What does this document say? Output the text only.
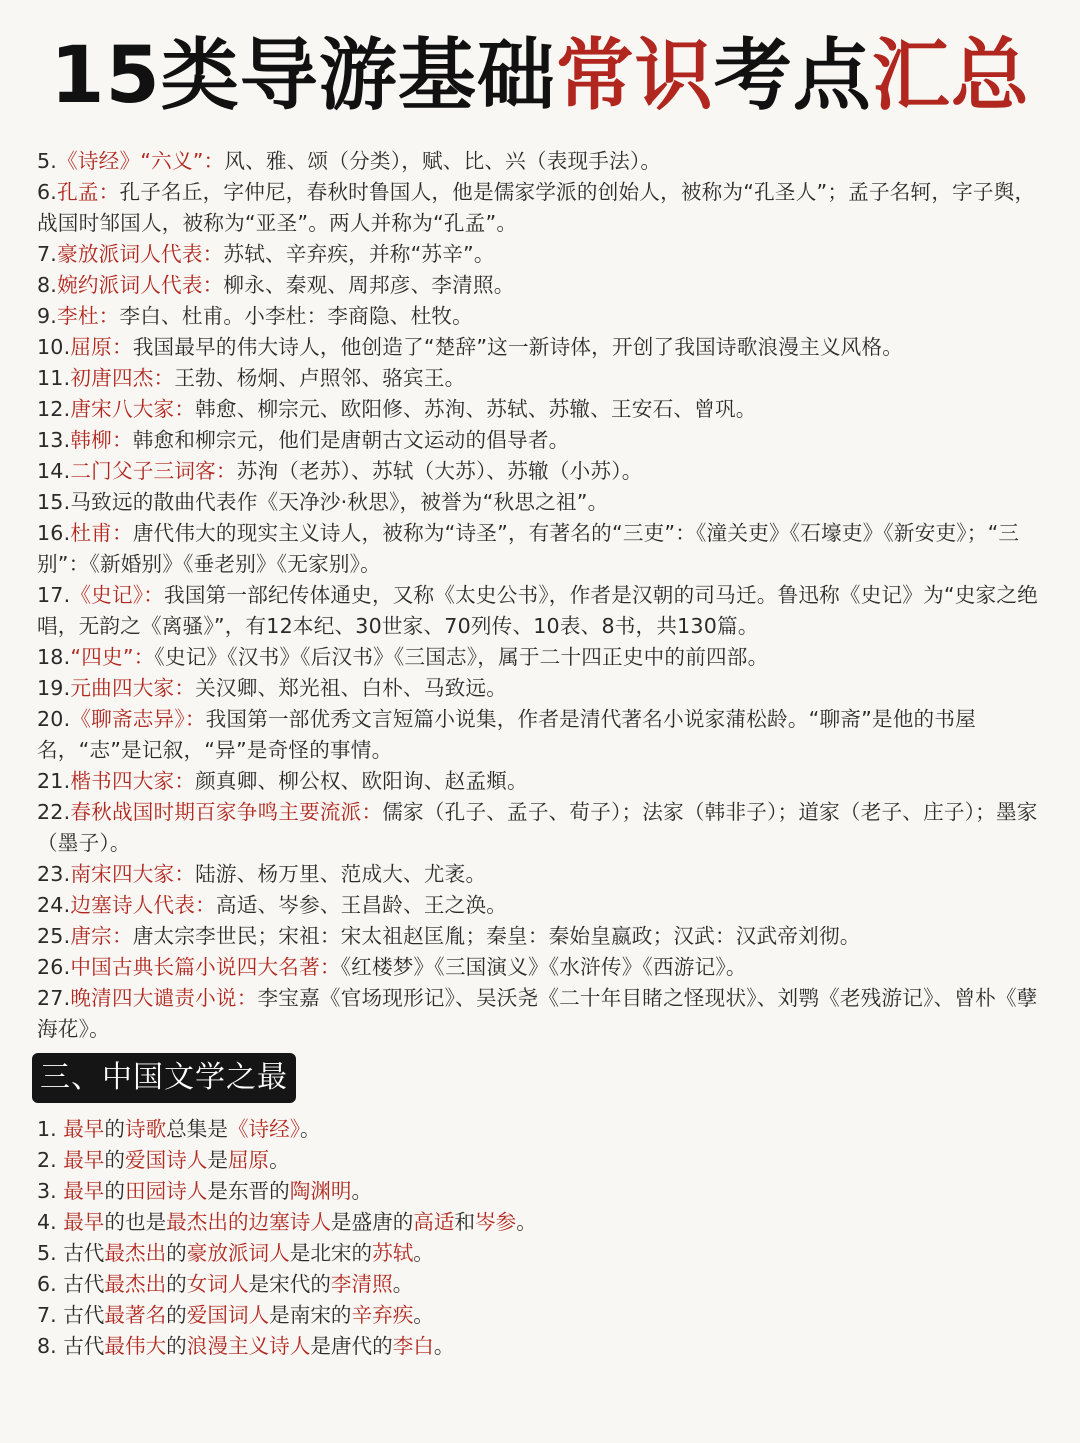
15类导游基础常识考点汇总

5.《诗经》“六义”：风、雅、颂（分类），赋、比、兴（表现手法）。

6.孔孟：孔子名丘，字仲尼，春秋时鲁国人，他是儒家学派的创始人，被称为“孔圣人”；孟子名轲，字子舆，战国时邹国人，被称为“亚圣”。两人并称为“孔孟”。

7.豪放派词人代表：苏轼、辛弃疾，并称“苏辛”。

8.婉约派词人代表：柳永、秦观、周邦彦、李清照。

9.李杜：李白、杜甫。小李杜：李商隐、杜牧。

10.屈原：我国最早的伟大诗人，他创造了“楚辞”这一新诗体，开创了我国诗歌浪漫主义风格。

11.初唐四杰：王勃、杨炯、卢照邻、骆宾王。

12.唐宋八大家：韩愈、柳宗元、欧阳修、苏洵、苏轼、苏辙、王安石、曾巩。

13.韩柳：韩愈和柳宗元，他们是唐朝古文运动的倡导者。

14.二门父子三词客：苏洵（老苏）、苏轼（大苏）、苏辙（小苏）。

15.马致远的散曲代表作《天净沙·秋思》，被誉为“秋思之祖”。

16.杜甫：唐代伟大的现实主义诗人，被称为“诗圣”，有著名的“三吏”：《潼关吏》《石壕吏》《新安吏》；“三别”：《新婚别》《垂老别》《无家别》。

17.《史记》：我国第一部纪传体通史，又称《太史公书》，作者是汉朝的司马迁。鲁迅称《史记》为“史家之绝唱，无韵之《离骚》”，有12本纪、30世家、70列传、10表、8书，共130篇。

18.“四史”：《史记》《汉书》《后汉书》《三国志》，属于二十四正史中的前四部。

19.元曲四大家：关汉卿、郑光祖、白朴、马致远。

20.《聊斋志异》：我国第一部优秀文言短篇小说集，作者是清代著名小说家蒲松龄。“聊斋”是他的书屋名，“志”是记叙，“异”是奇怪的事情。

21.楷书四大家：颜真卿、柳公权、欧阳询、赵孟頫。

22.春秋战国时期百家争鸣主要流派：儒家（孔子、孟子、荀子）；法家（韩非子）；道家（老子、庄子）；墨家（墨子）。

23.南宋四大家：陆游、杨万里、范成大、尤袤。

24.边塞诗人代表：高适、岑参、王昌龄、王之涣。

25.唐宗：唐太宗李世民；宋祖：宋太祖赵匡胤；秦皇：秦始皇嬴政；汉武：汉武帝刘彻。

26.中国古典长篇小说四大名著：《红楼梦》《三国演义》《水浒传》《西游记》。

27.晚清四大谴责小说：李宝嘉《官场现形记》、吴沃尧《二十年目睹之怪现状》、刘鹗《老残游记》、曾朴《孽海花》。

三、中国文学之最

1. 最早的诗歌总集是《诗经》。

2. 最早的爱国诗人是屈原。

3. 最早的田园诗人是东晋的陶渊明。

4. 最早的也是最杰出的边塞诗人是盛唐的高适和岑参。

5. 古代最杰出的豪放派词人是北宋的苏轼。

6. 古代最杰出的女词人是宋代的李清照。

7. 古代最著名的爱国词人是南宋的辛弃疾。

8. 古代最伟大的浪漫主义诗人是唐代的李白。
